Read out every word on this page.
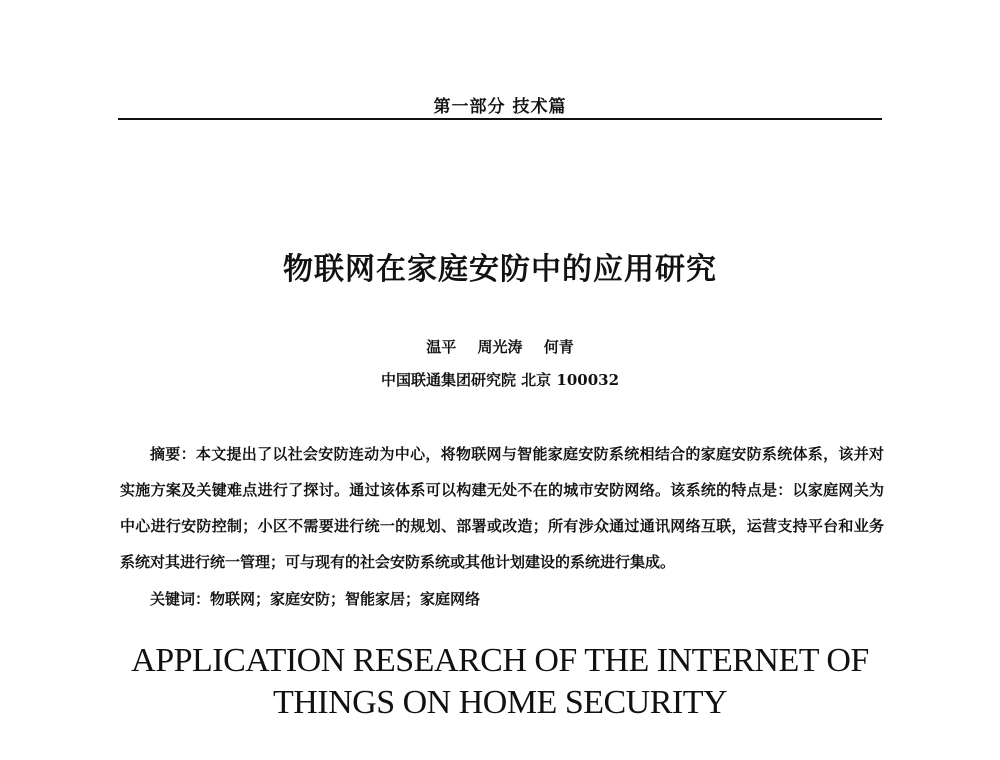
第一部分 技术篇
物联网在家庭安防中的应用研究
温平 周光涛 何青
中国联通集团研究院 北京 100032

摘要：本文提出了以社会安防连动为中心，将物联网与智能家庭安防系统相结合的家庭安防系统体系，该并对实施方案及关键难点进行了探讨。通过该体系可以构建无处不在的城市安防网络。该系统的特点是：以家庭网关为中心进行安防控制；小区不需要进行统一的规划、部署或改造；所有涉众通过通讯网络互联，运营支持平台和业务系统对其进行统一管理；可与现有的社会安防系统或其他计划建设的系统进行集成。

关键词：物联网；家庭安防；智能家居；家庭网络
APPLICATION RESEARCH OF THE INTERNET OF
THINGS ON HOME SECURITY
